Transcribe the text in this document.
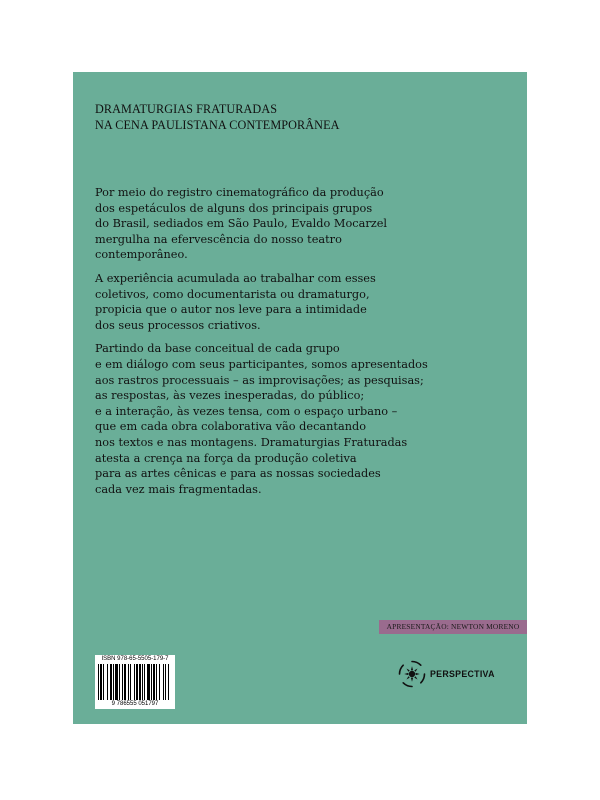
DRAMATURGIAS FRATURADAS
NA CENA PAULISTANA CONTEMPORÂNEA

Por meio do registro cinematográfico da produção
dos espetáculos de alguns dos principais grupos
do Brasil, sediados em São Paulo, Evaldo Mocarzel
mergulha na efervescência do nosso teatro
contemporâneo.

A experiência acumulada ao trabalhar com esses
coletivos, como documentarista ou dramaturgo,
propicia que o autor nos leve para a intimidade
dos seus processos criativos.

Partindo da base conceitual de cada grupo
e em diálogo com seus participantes, somos apresentados
aos rastros processuais – as improvisações; as pesquisas;
as respostas, às vezes inesperadas, do público;
e a interação, às vezes tensa, com o espaço urbano –
que em cada obra colaborativa vão decantando
nos textos e nas montagens. Dramaturgias Fraturadas
atesta a crença na força da produção coletiva
para as artes cênicas e para as nossas sociedades
cada vez mais fragmentadas.

APRESENTAÇÃO: NEWTON MORENO
ISBN 978-65-5505-179-7
9 786555 051797
PERSPECTIVA
